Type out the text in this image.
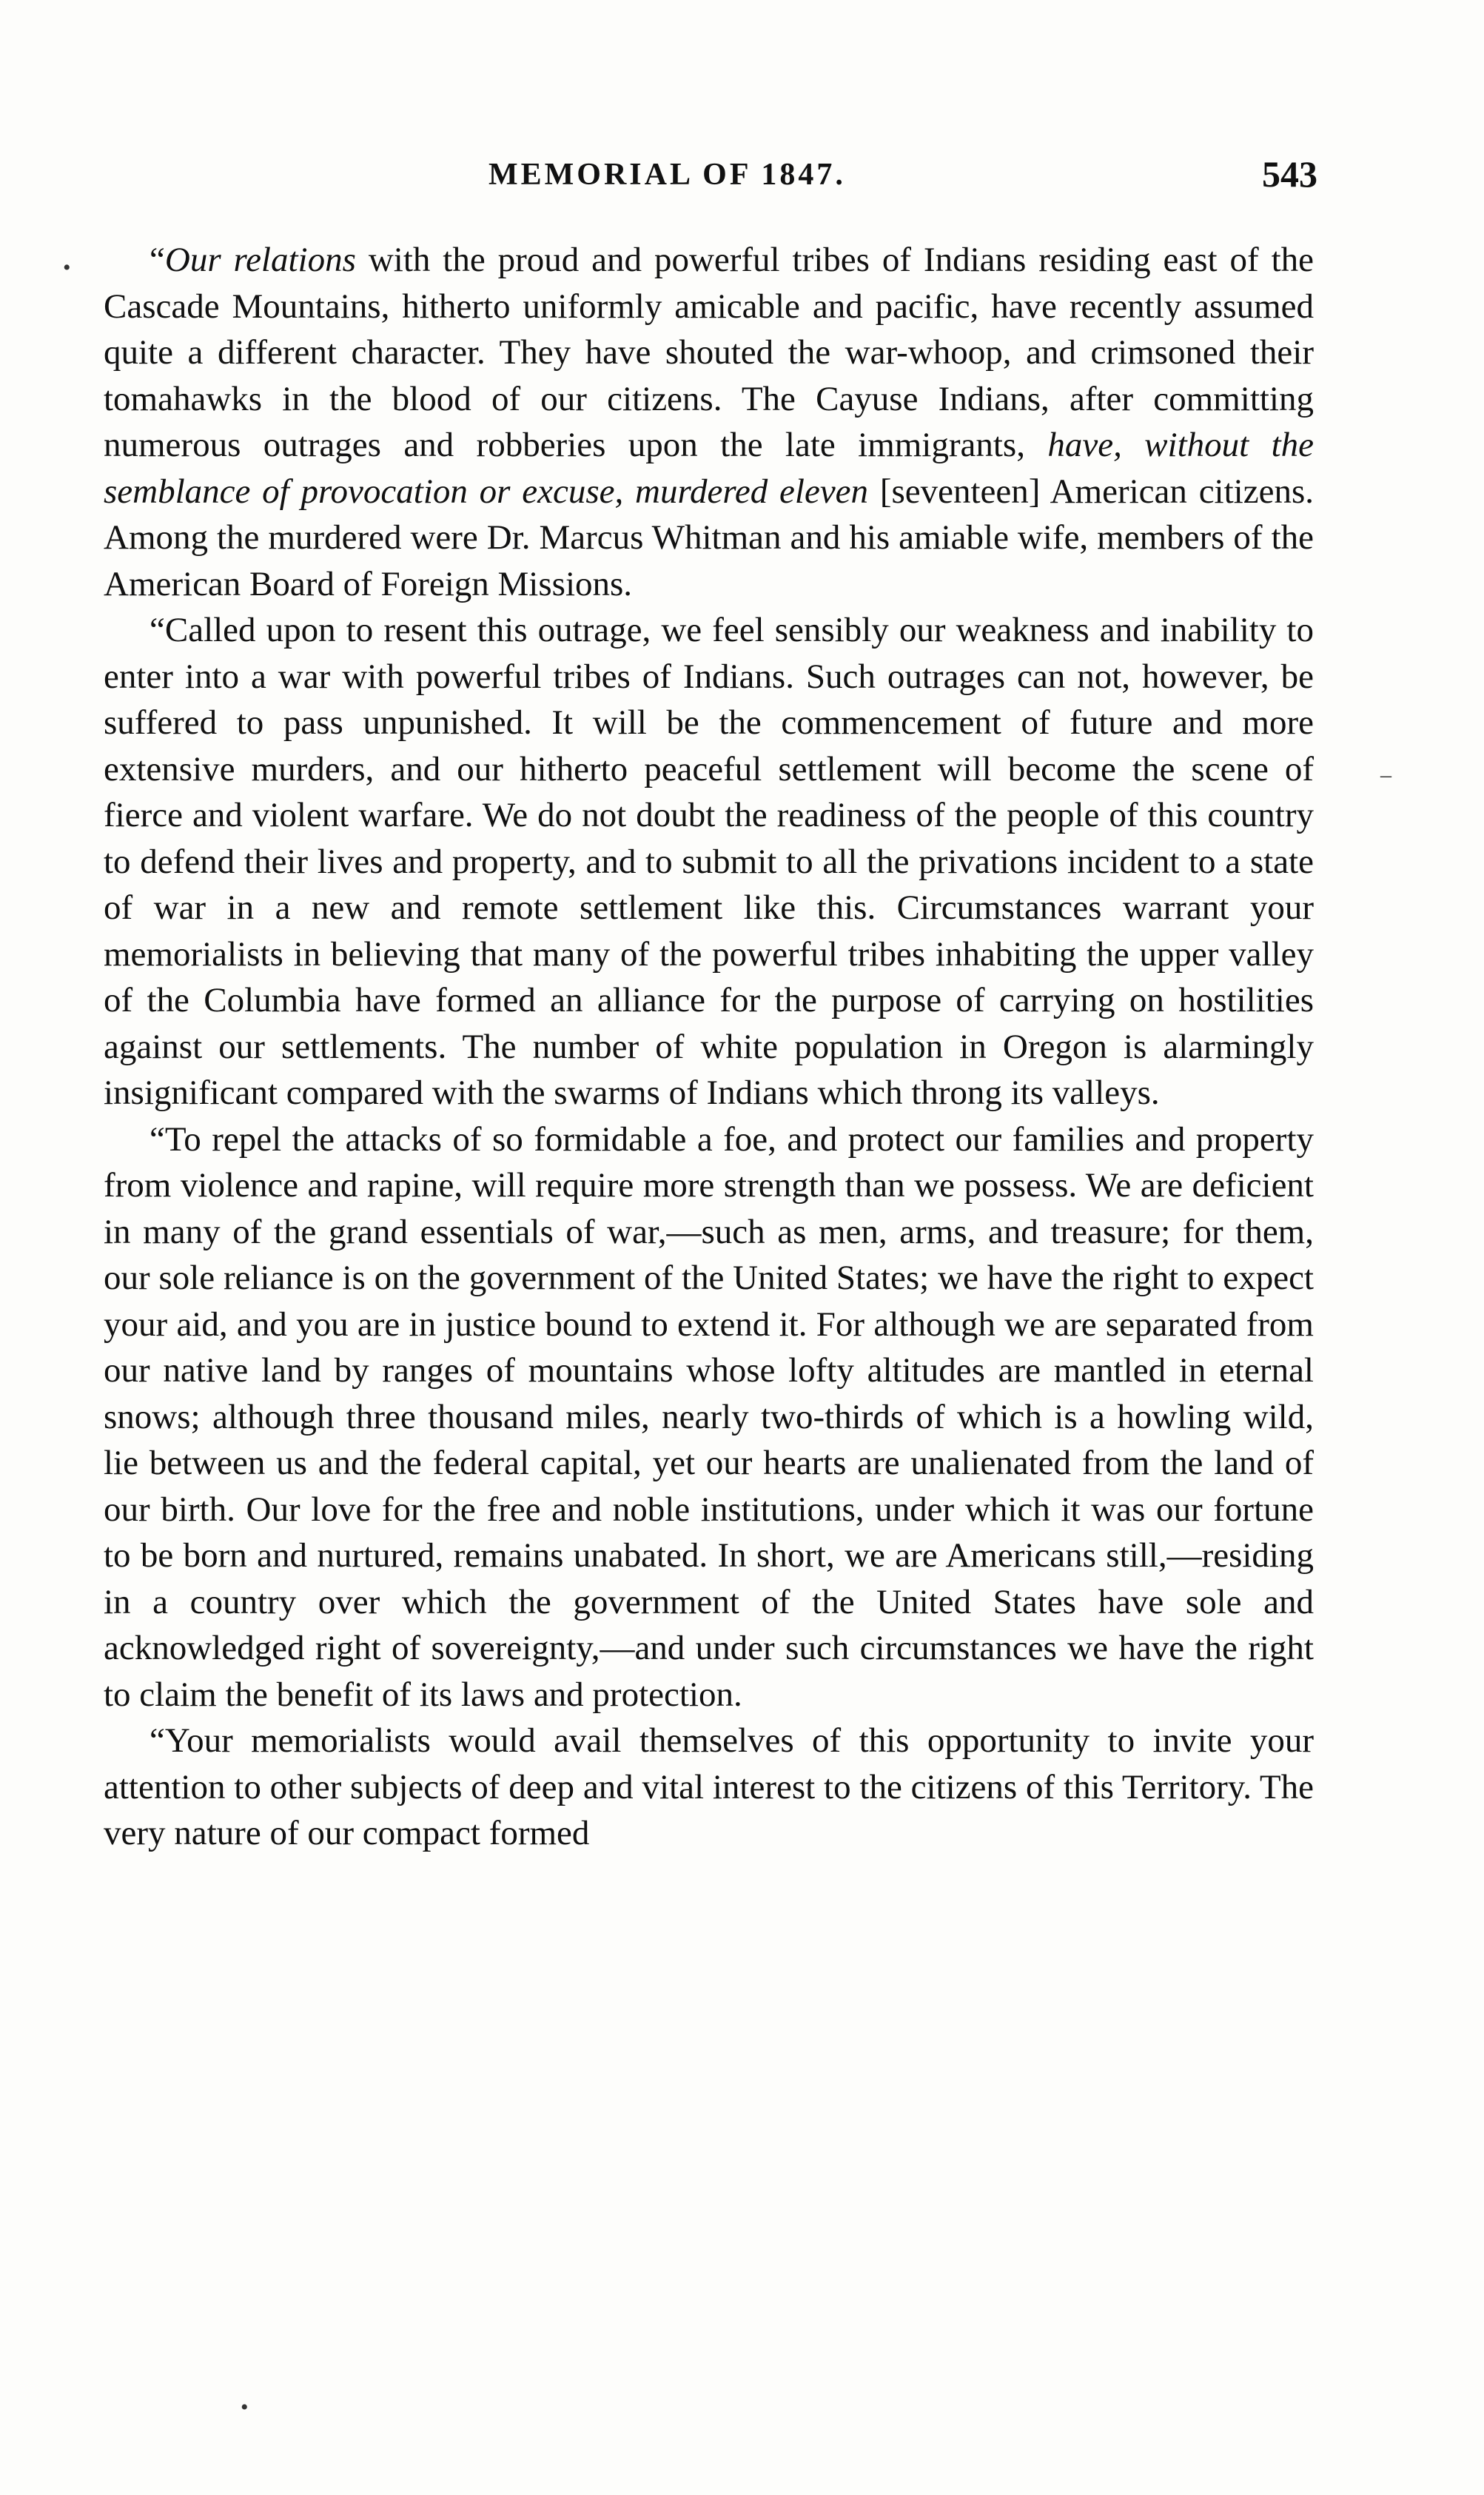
MEMORIAL OF 1847.	543

“Our relations with the proud and powerful tribes of Indians residing east of the Cascade Mountains, hitherto uniformly amicable and pacific, have recently assumed quite a different character. They have shouted the war-whoop, and crimsoned their tomahawks in the blood of our citizens. The Cayuse Indians, after committing numerous outrages and robberies upon the late immigrants, have, without the semblance of provocation or excuse, murdered eleven [seventeen] American citizens. Among the murdered were Dr. Marcus Whitman and his amiable wife, members of the American Board of Foreign Missions.

“Called upon to resent this outrage, we feel sensibly our weakness and inability to enter into a war with powerful tribes of Indians. Such outrages can not, however, be suffered to pass unpunished. It will be the commencement of future and more extensive murders, and our hitherto peaceful settlement will become the scene of fierce and violent warfare. We do not doubt the readiness of the people of this country to defend their lives and property, and to submit to all the privations incident to a state of war in a new and remote settlement like this. Circumstances warrant your memorialists in believing that many of the powerful tribes inhabiting the upper valley of the Columbia have formed an alliance for the purpose of carrying on hostilities against our settlements. The number of white population in Oregon is alarmingly insignificant compared with the swarms of Indians which throng its valleys.

“To repel the attacks of so formidable a foe, and protect our families and property from violence and rapine, will require more strength than we possess. We are deficient in many of the grand essentials of war,—such as men, arms, and treasure; for them, our sole reliance is on the government of the United States; we have the right to expect your aid, and you are in justice bound to extend it. For although we are separated from our native land by ranges of mountains whose lofty altitudes are mantled in eternal snows; although three thousand miles, nearly two-thirds of which is a howling wild, lie between us and the federal capital, yet our hearts are unalienated from the land of our birth. Our love for the free and noble institutions, under which it was our fortune to be born and nurtured, remains unabated. In short, we are Americans still,—residing in a country over which the government of the United States have sole and acknowledged right of sovereignty,—and under such circumstances we have the right to claim the benefit of its laws and protection.

“Your memorialists would avail themselves of this opportunity to invite your attention to other subjects of deep and vital interest to the citizens of this Territory. The very nature of our compact formed

•
–
•
